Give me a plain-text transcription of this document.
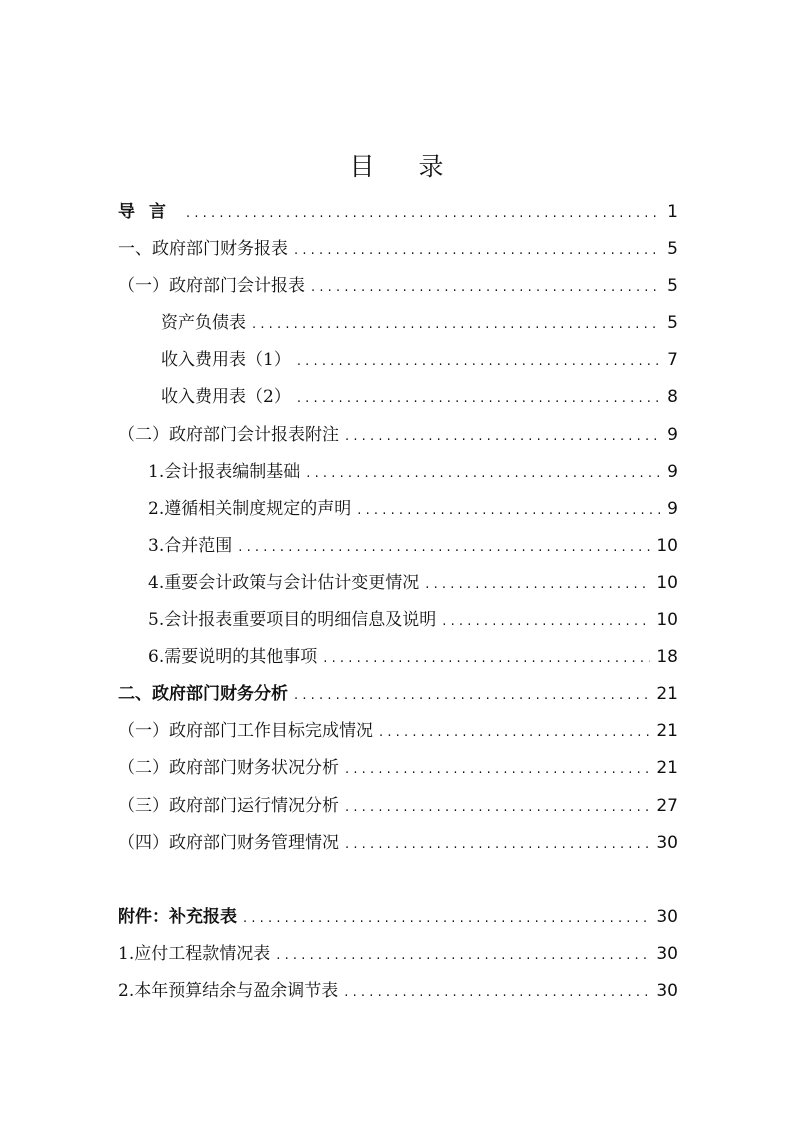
目 录
导言 .....	1
一、政府部门财务报表 .....	5
（一）政府部门会计报表 .....	5
资产负债表 .....	5
收入费用表（1） .....	7
收入费用表（2） .....	8
（二）政府部门会计报表附注 .....	9
1.会计报表编制基础 .....	9
2.遵循相关制度规定的声明 .....	9
3.合并范围 .....	10
4.重要会计政策与会计估计变更情况 .....	10
5.会计报表重要项目的明细信息及说明 .....	10
6.需要说明的其他事项 .....	18
二、政府部门财务分析 .....	21
（一）政府部门工作目标完成情况 .....	21
（二）政府部门财务状况分析 .....	21
（三）政府部门运行情况分析 .....	27
（四）政府部门财务管理情况 .....	30
附件：补充报表 .....	30
1.应付工程款情况表 .....	30
2.本年预算结余与盈余调节表 .....	30
